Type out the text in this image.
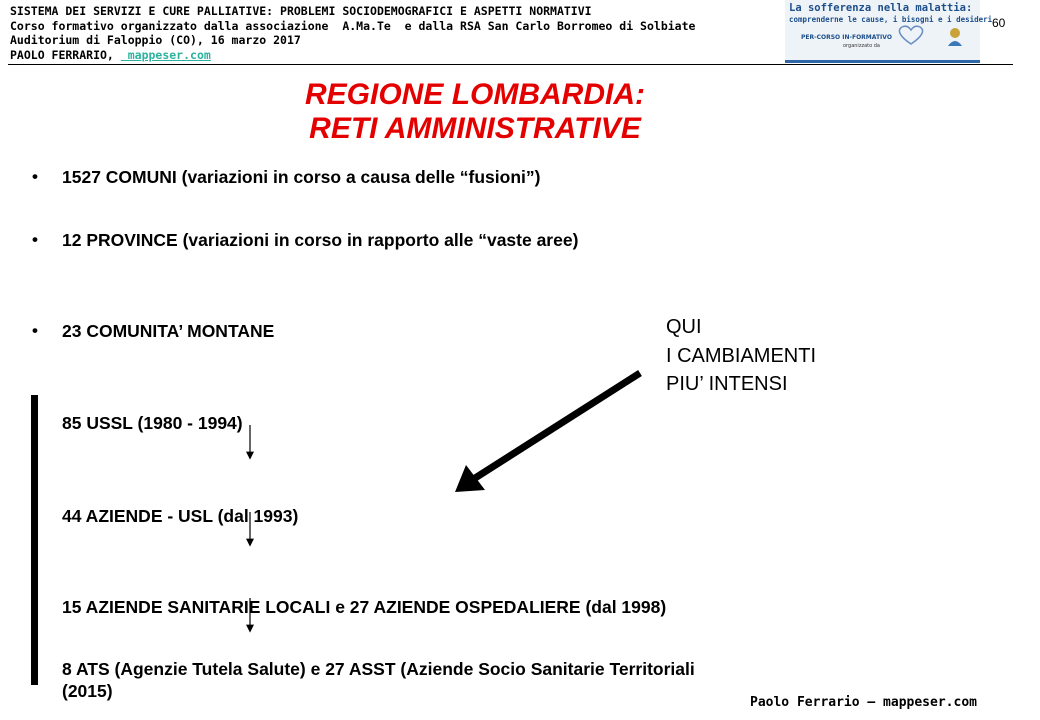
SISTEMA DEI SERVIZI E CURE PALLIATIVE: PROBLEMI SOCIODEMOGRAFICI E ASPETTI NORMATIVI
Corso formativo organizzato dalla associazione  A.Ma.Te  e dalla RSA San Carlo Borromeo di Solbiate
Auditorium di Faloppio (CO), 16 marzo 2017
PAOLO FERRARIO,  mappeser.com
La sofferenza nella malattia:
comprenderne le cause, i bisogni e i desideri
PER-CORSO IN-FORMATIVO
organizzato da
60
REGIONE LOMBARDIA:
RETI AMMINISTRATIVE
• 1527 COMUNI (variazioni in corso a causa delle “fusioni”)
• 12 PROVINCE (variazioni in corso in rapporto alle “vaste aree)
• 23 COMUNITA’ MONTANE
85 USSL (1980 - 1994)
44 AZIENDE - USL (dal 1993)
15 AZIENDE SANITARIE LOCALI e 27 AZIENDE OSPEDALIERE (dal 1998)
8 ATS (Agenzie Tutela Salute) e 27 ASST (Aziende Socio Sanitarie Territoriali
(2015)
QUI
I CAMBIAMENTI
PIU’ INTENSI
Paolo Ferrario – mappeser.com
